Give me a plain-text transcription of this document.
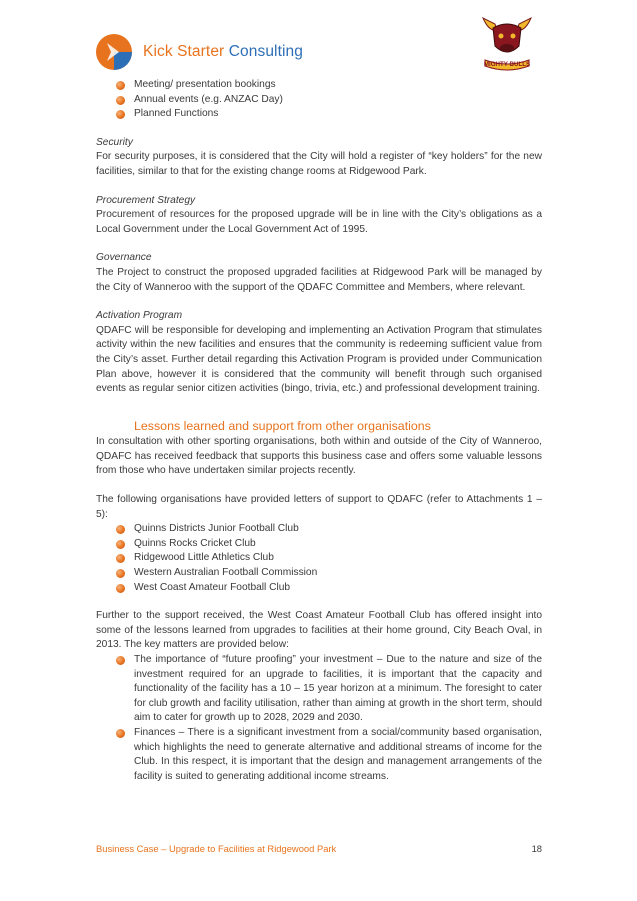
Kick Starter Consulting
MIGHTY BULLS
Meeting/ presentation bookings
Annual events (e.g. ANZAC Day)
Planned Functions

Security

For security purposes, it is considered that the City will hold a register of “key holders” for the new facilities, similar to that for the existing change rooms at Ridgewood Park.

Procurement Strategy

Procurement of resources for the proposed upgrade will be in line with the City’s obligations as a Local Government under the Local Government Act of 1995.

Governance

The Project to construct the proposed upgraded facilities at Ridgewood Park will be managed by the City of Wanneroo with the support of the QDAFC Committee and Members, where relevant.

Activation Program

QDAFC will be responsible for developing and implementing an Activation Program that stimulates activity within the new facilities and ensures that the community is redeeming sufficient value from the City’s asset. Further detail regarding this Activation Program is provided under Communication Plan above, however it is considered that the community will benefit through such organised events as regular senior citizen activities (bingo, trivia, etc.) and professional development training.

Lessons learned and support from other organisations

In consultation with other sporting organisations, both within and outside of the City of Wanneroo, QDAFC has received feedback that supports this business case and offers some valuable lessons from those who have undertaken similar projects recently.

The following organisations have provided letters of support to QDAFC (refer to Attachments 1 – 5):

Quinns Districts Junior Football Club
Quinns Rocks Cricket Club
Ridgewood Little Athletics Club
Western Australian Football Commission
West Coast Amateur Football Club

Further to the support received, the West Coast Amateur Football Club has offered insight into some of the lessons learned from upgrades to facilities at their home ground, City Beach Oval, in 2013. The key matters are provided below:

The importance of “future proofing” your investment – Due to the nature and size of the investment required for an upgrade to facilities, it is important that the capacity and functionality of the facility has a 10 – 15 year horizon at a minimum. The foresight to cater for club growth and facility utilisation, rather than aiming at growth in the short term, should aim to cater for growth up to 2028, 2029 and 2030.
Finances – There is a significant investment from a social/community based organisation, which highlights the need to generate alternative and additional streams of income for the Club. In this respect, it is important that the design and management arrangements of the facility is suited to generating additional income streams.
Business Case – Upgrade to Facilities at Ridgewood Park	18
